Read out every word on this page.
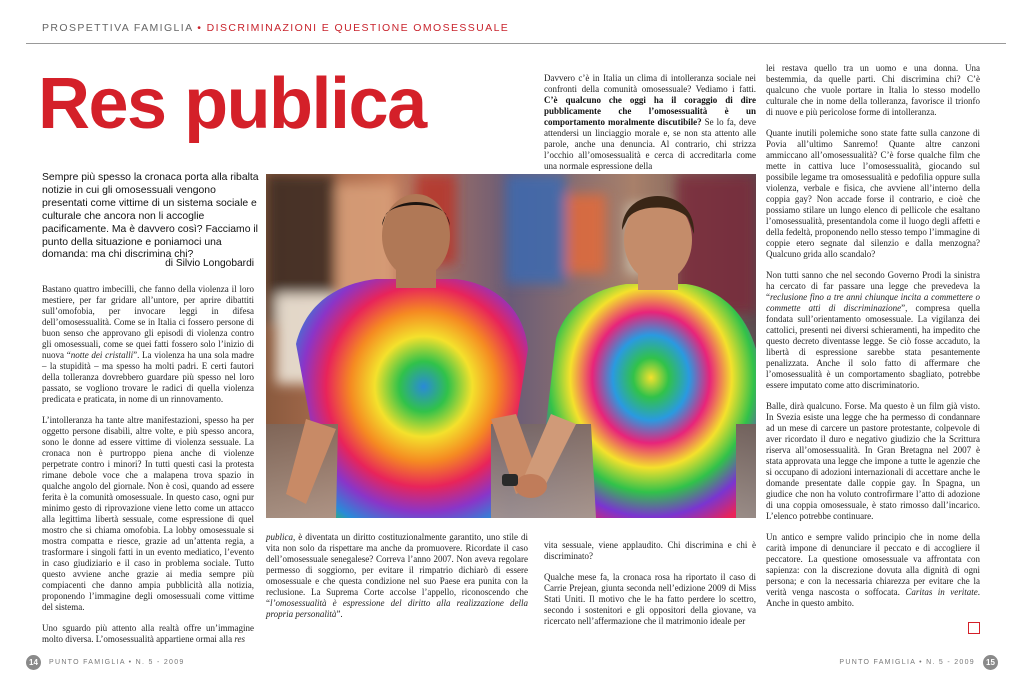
PROSPETTIVA FAMIGLIA • DISCRIMINAZIONI E QUESTIONE OMOSESSUALE
Res publica
Sempre più spesso la cronaca porta alla ribalta notizie in cui gli omosessuali vengono presentati come vittime di un sistema sociale e culturale che ancora non li accoglie pacificamente. Ma è davvero così? Facciamo il punto della situazione e poniamoci una domanda: ma chi discrimina chi?
di Silvio Longobardi

Bastano quattro imbecilli, che fanno della violenza il loro mestiere, per far gridare all’untore, per aprire dibattiti sull’omofobia, per invocare leggi in difesa dell’omosessualità. Come se in Italia ci fossero persone di buon senso che approvano gli episodi di violenza contro gli omosessuali, come se quei fatti fossero solo l’inizio di nuova “notte dei cristalli”. La violenza ha una sola madre – la stupidità – ma spesso ha molti padri. E certi fautori della tolleranza dovrebbero guardare più spesso nel loro passato, se vogliono trovare le radici di quella violenza predicata e praticata, in nome di un rinnovamento.

L’intolleranza ha tante altre manifestazioni, spesso ha per oggetto persone disabili, altre volte, e più spesso ancora, sono le donne ad essere vittime di violenza sessuale. La cronaca non è purtroppo piena anche di violenze perpetrate contro i minori? In tutti questi casi la protesta rimane debole voce che a malapena trova spazio in qualche angolo del giornale. Non è così, quando ad essere ferita è la comunità omosessuale. In questo caso, ogni pur minimo gesto di riprovazione viene letto come un attacco alla legittima libertà sessuale, come espressione di quel mostro che si chiama omofobia. La lobby omosessuale si mostra compatta e riesce, grazie ad un’attenta regia, a trasformare i singoli fatti in un evento mediatico, l’evento in caso giudiziario e il caso in problema sociale. Tutto questo avviene anche grazie ai media sempre più compiacenti che danno ampia pubblicità alla notizia, proponendo l’immagine degli omosessuali come vittime del sistema.

Uno sguardo più attento alla realtà offre un’immagine molto diversa. L’omosessualità appartiene ormai alla res

publica, è diventata un diritto costituzionalmente garantito, uno stile di vita non solo da rispettare ma anche da promuovere. Ricordate il caso dell’omosessuale senegalese? Correva l’anno 2007. Non aveva regolare permesso di soggiorno, per evitare il rimpatrio dichiarò di essere omosessuale e che questa condizione nel suo Paese era punita con la reclusione. La Suprema Corte accolse l’appello, riconoscendo che “l’omosessualità è espressione del diritto alla realizzazione della propria personalità”.

Davvero c’è in Italia un clima di intolleranza sociale nei confronti della comunità omosessuale? Vediamo i fatti. C’è qualcuno che oggi ha il coraggio di dire pubblicamente che l’omosessualità è un comportamento moralmente discutibile? Se lo fa, deve attendersi un linciaggio morale e, se non sta attento alle parole, anche una denuncia. Al contrario, chi strizza l’occhio all’omosessualità e cerca di accreditarla come una normale espressione della

vita sessuale, viene applaudito. Chi discrimina e chi è discriminato?

Qualche mese fa, la cronaca rosa ha riportato il caso di Carrie Prejean, giunta seconda nell’edizione 2009 di Miss Stati Uniti. Il motivo che le ha fatto perdere lo scettro, secondo i sostenitori e gli oppositori della giovane, va ricercato nell’affermazione che il matrimonio ideale per

lei restava quello tra un uomo e una donna. Una bestemmia, da quelle parti. Chi discrimina chi? C’è qualcuno che vuole portare in Italia lo stesso modello culturale che in nome della tolleranza, favorisce il trionfo di nuove e più pericolose forme di intolleranza.

Quante inutili polemiche sono state fatte sulla canzone di Povia all’ultimo Sanremo! Quante altre canzoni ammiccano all’omosessualità? C’è forse qualche film che mette in cattiva luce l’omosessualità, giocando sul possibile legame tra omosessualità e pedofilia oppure sulla violenza, verbale e fisica, che avviene all’interno della coppia gay? Non accade forse il contrario, e cioè che possiamo stilare un lungo elenco di pellicole che esaltano l’omosessualità, presentandola come il luogo degli affetti e della fedeltà, proponendo nello stesso tempo l’immagine di coppie etero segnate dal silenzio e dalla menzogna? Qualcuno grida allo scandalo?

Non tutti sanno che nel secondo Governo Prodi la sinistra ha cercato di far passare una legge che prevedeva la “reclusione fino a tre anni chiunque incita a commettere o commette atti di discriminazione”, compresa quella fondata sull’orientamento omosessuale. La vigilanza dei cattolici, presenti nei diversi schieramenti, ha impedito che questo decreto diventasse legge. Se ciò fosse accaduto, la libertà di espressione sarebbe stata pesantemente penalizzata. Anche il solo fatto di affermare che l’omosessualità è un comportamento sbagliato, potrebbe essere imputato come atto discriminatorio.

Balle, dirà qualcuno. Forse. Ma questo è un film già visto. In Svezia esiste una legge che ha permesso di condannare ad un mese di carcere un pastore protestante, colpevole di aver ricordato il duro e negativo giudizio che la Scrittura riserva all’omosessualità. In Gran Bretagna nel 2007 è stata approvata una legge che impone a tutte le agenzie che si occupano di adozioni internazionali di accettare anche le domande presentate dalle coppie gay. In Spagna, un giudice che non ha voluto controfirmare l’atto di adozione di una coppia omosessuale, è stato rimosso dall’incarico. L’elenco potrebbe continuare.

Un antico e sempre valido principio che in nome della carità impone di denunciare il peccato e di accogliere il peccatore. La questione omosessuale va affrontata con sapienza: con la discrezione dovuta alla dignità di ogni persona; e con la necessaria chiarezza per evitare che la verità venga nascosta o soffocata. Caritas in veritate. Anche in questo ambito.

14	PUNTO FAMIGLIA • N. 5 - 2009	PUNTO FAMIGLIA • N. 5 - 2009	15
